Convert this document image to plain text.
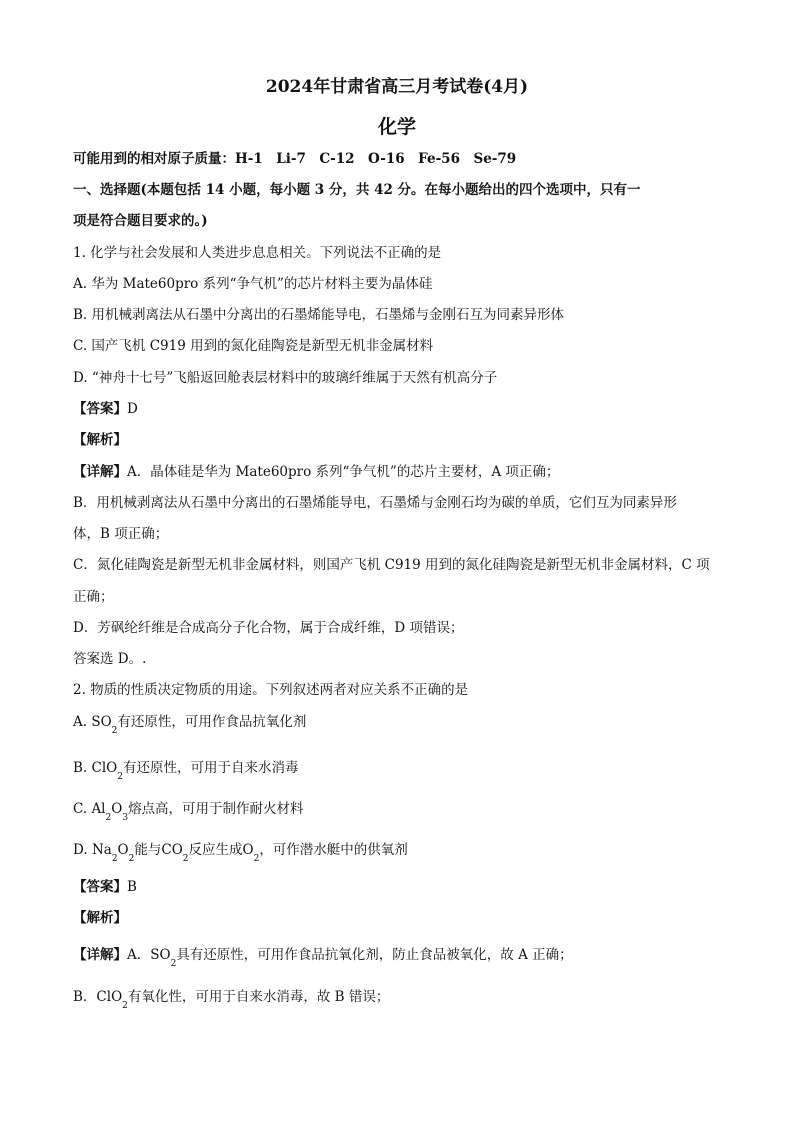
2024年甘肃省高三月考试卷(4月)
化学
可能用到的相对原子质量：H-1　Li-7　C-12　O-16　Fe-56　Se-79
一、选择题(本题包括 14 小题，每小题 3 分，共 42 分。在每小题给出的四个选项中，只有一
项是符合题目要求的。)
1. 化学与社会发展和人类进步息息相关。下列说法不正确的是
A. 华为 Mate60pro 系列“争气机”的芯片材料主要为晶体硅
B. 用机械剥离法从石墨中分离出的石墨烯能导电，石墨烯与金刚石互为同素异形体
C. 国产飞机 C919 用到的氮化硅陶瓷是新型无机非金属材料
D. “神舟十七号”飞船返回舱表层材料中的玻璃纤维属于天然有机高分子
【答案】D
【解析】
【详解】A．晶体硅是华为 Mate60pro 系列“争气机”的芯片主要材，A 项正确；
B．用机械剥离法从石墨中分离出的石墨烯能导电，石墨烯与金刚石均为碳的单质，它们互为同素异形
体，B 项正确；
C．氮化硅陶瓷是新型无机非金属材料，则国产飞机 C919 用到的氮化硅陶瓷是新型无机非金属材料，C 项
正确；
D．芳砜纶纤维是合成高分子化合物，属于合成纤维，D 项错误；
答案选 D。.
2. 物质的性质决定物质的用途。下列叙述两者对应关系不正确的是
A. $SO_2$有还原性，可用作食品抗氧化剂
B. ClO$_2$有还原性，可用于自来水消毒
C. $Al_2O_3$熔点高，可用于制作耐火材料
D. $Na_2O_2$能与$CO_2$反应生成$O_2$，可作潜水艇中的供氧剂
【答案】B
【解析】
【详解】A．$SO_2$具有还原性，可用作食品抗氧化剂，防止食品被氧化，故 A 正确；
B．ClO$_2$有氧化性，可用于自来水消毒，故 B 错误；
